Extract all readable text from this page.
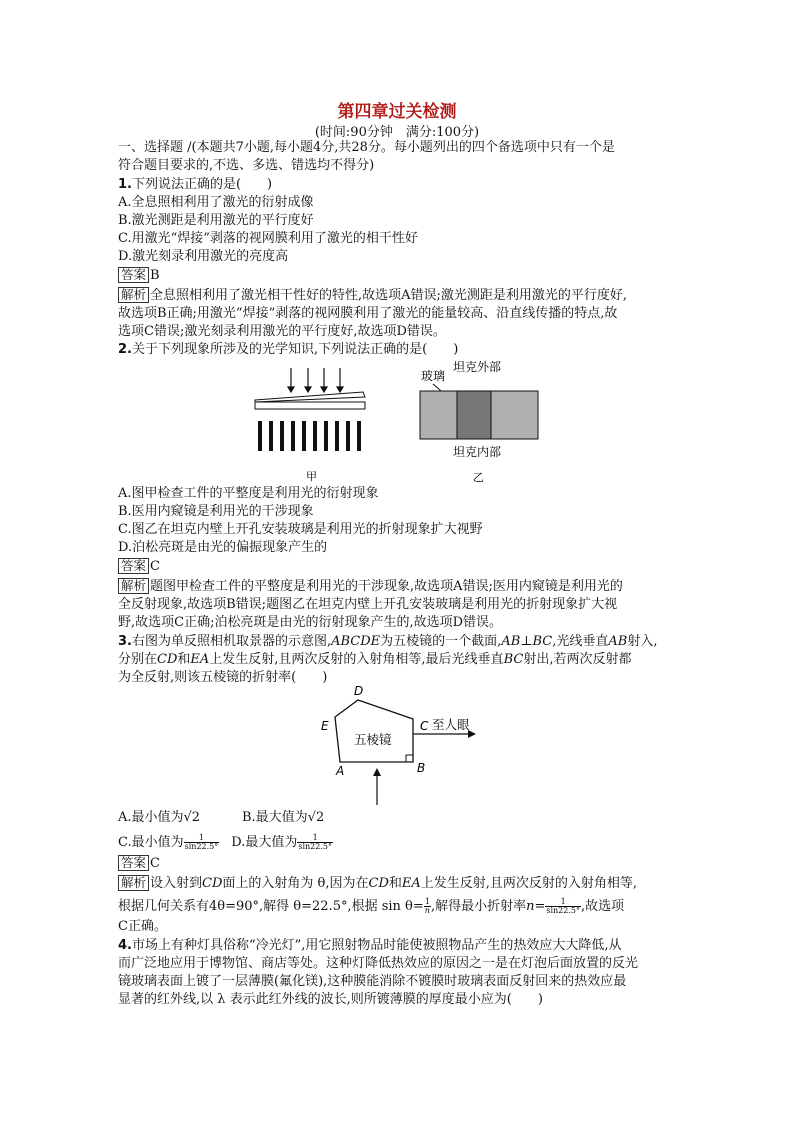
第四章过关检测
(时间:90分钟　满分:100分)
一、选择题 /(本题共7小题,每小题4分,共28分。每小题列出的四个备选项中只有一个是
符合题目要求的,不选、多选、错选均不得分)
1.下列说法正确的是(　　)
A.全息照相利用了激光的衍射成像
B.激光测距是利用激光的平行度好
C.用激光“焊接”剥落的视网膜利用了激光的相干性好
D.激光刻录利用激光的亮度高
答案 B
解析 全息照相利用了激光相干性好的特性,故选项A错误;激光测距是利用激光的平行度好,
故选项B正确;用激光“焊接”剥落的视网膜利用了激光的能量较高、沿直线传播的特点,故
选项C错误;激光刻录利用激光的平行度好,故选项D错误。
2.关于下列现象所涉及的光学知识,下列说法正确的是(　　)
甲
坦克外部
玻璃
坦克内部
乙
A.图甲检查工件的平整度是利用光的衍射现象
B.医用内窥镜是利用光的干涉现象
C.图乙在坦克内壁上开孔安装玻璃是利用光的折射现象扩大视野
D.泊松亮斑是由光的偏振现象产生的
答案 C
解析 题图甲检查工件的平整度是利用光的干涉现象,故选项A错误;医用内窥镜是利用光的
全反射现象,故选项B错误;题图乙在坦克内壁上开孔安装玻璃是利用光的折射现象扩大视
野,故选项C正确;泊松亮斑是由光的衍射现象产生的,故选项D错误。
3.右图为单反照相机取景器的示意图,ABCDE为五棱镜的一个截面,AB⊥BC,光线垂直AB射入,
分别在CD和EA上发生反射,且两次反射的入射角相等,最后光线垂直BC射出,若两次反射都
为全反射,则该五棱镜的折射率(　　)
五棱镜
至人眼
D
E	C
A	B
A.最小值为√2	B.最大值为√2
C.最小值为 $\frac{1}{\sin 22.5^\circ} D$.最大值为 $\frac{1}{\sin 22.5^\circ}$
答案 C
解析 设入射到CD面上的入射角为 θ,因为在CD和EA上发生反射,且两次反射的入射角相等,
根据几何关系有4θ=90°,解得 θ=22.5°,根据 $\sin \theta= \frac{1}{n}$ ,解得最小折射率$n= \frac{1}{\sin 22.5^\circ}$ ,故选项
C正确。
4.市场上有种灯具俗称“冷光灯”,用它照射物品时能使被照物品产生的热效应大大降低,从
而广泛地应用于博物馆、商店等处。这种灯降低热效应的原因之一是在灯泡后面放置的反光
镜玻璃表面上镀了一层薄膜(氟化镁),这种膜能消除不镀膜时玻璃表面反射回来的热效应最
显著的红外线,以 λ 表示此红外线的波长,则所镀薄膜的厚度最小应为(　　)
